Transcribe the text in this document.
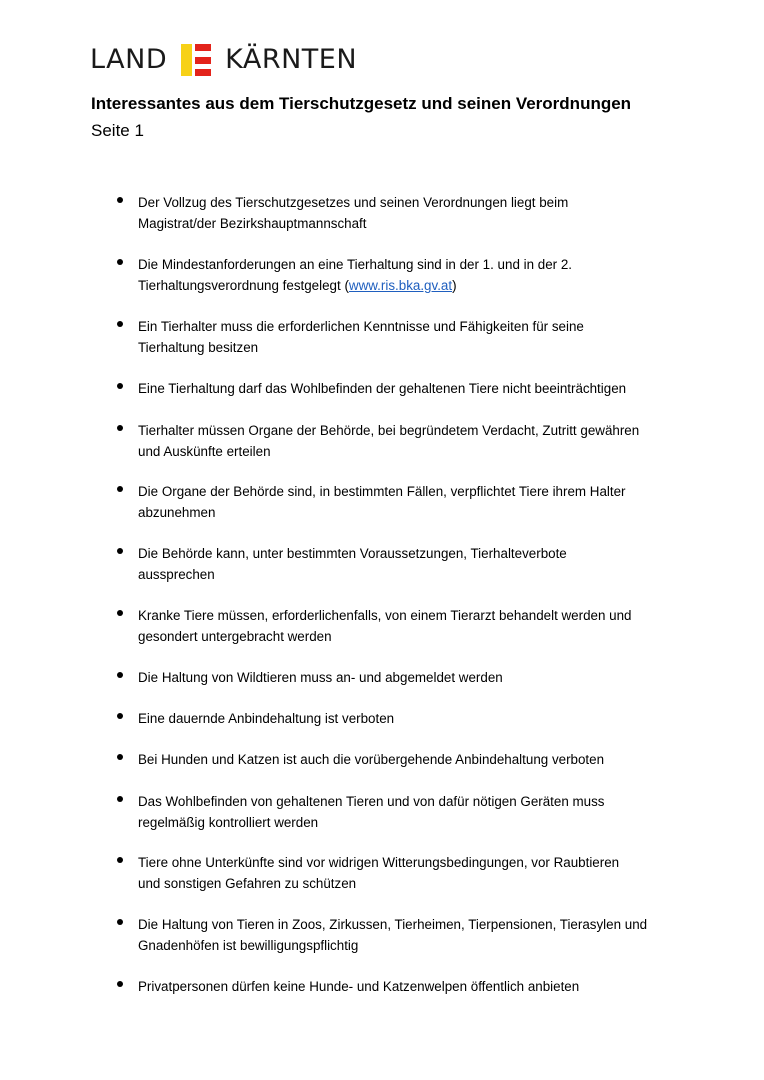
LAND KÄRNTEN
Interessantes aus dem Tierschutzgesetz und seinen Verordnungen

Seite 1

Der Vollzug des Tierschutzgesetzes und seinen Verordnungen liegt beim
Magistrat/der Bezirkshauptmannschaft

Die Mindestanforderungen an eine Tierhaltung sind in der 1. und in der 2.
Tierhaltungsverordnung festgelegt (www.ris.bka.gv.at)

Ein Tierhalter muss die erforderlichen Kenntnisse und Fähigkeiten für seine
Tierhaltung besitzen

Eine Tierhaltung darf das Wohlbefinden der gehaltenen Tiere nicht beeinträchtigen

Tierhalter müssen Organe der Behörde, bei begründetem Verdacht, Zutritt gewähren
und Auskünfte erteilen

Die Organe der Behörde sind, in bestimmten Fällen, verpflichtet Tiere ihrem Halter
abzunehmen

Die Behörde kann, unter bestimmten Voraussetzungen, Tierhalteverbote
aussprechen

Kranke Tiere müssen, erforderlichenfalls, von einem Tierarzt behandelt werden und
gesondert untergebracht werden

Die Haltung von Wildtieren muss an- und abgemeldet werden

Eine dauernde Anbindehaltung ist verboten

Bei Hunden und Katzen ist auch die vorübergehende Anbindehaltung verboten

Das Wohlbefinden von gehaltenen Tieren und von dafür nötigen Geräten muss
regelmäßig kontrolliert werden

Tiere ohne Unterkünfte sind vor widrigen Witterungsbedingungen, vor Raubtieren
und sonstigen Gefahren zu schützen

Die Haltung von Tieren in Zoos, Zirkussen, Tierheimen, Tierpensionen, Tierasylen und
Gnadenhöfen ist bewilligungspflichtig

Privatpersonen dürfen keine Hunde- und Katzenwelpen öffentlich anbieten
